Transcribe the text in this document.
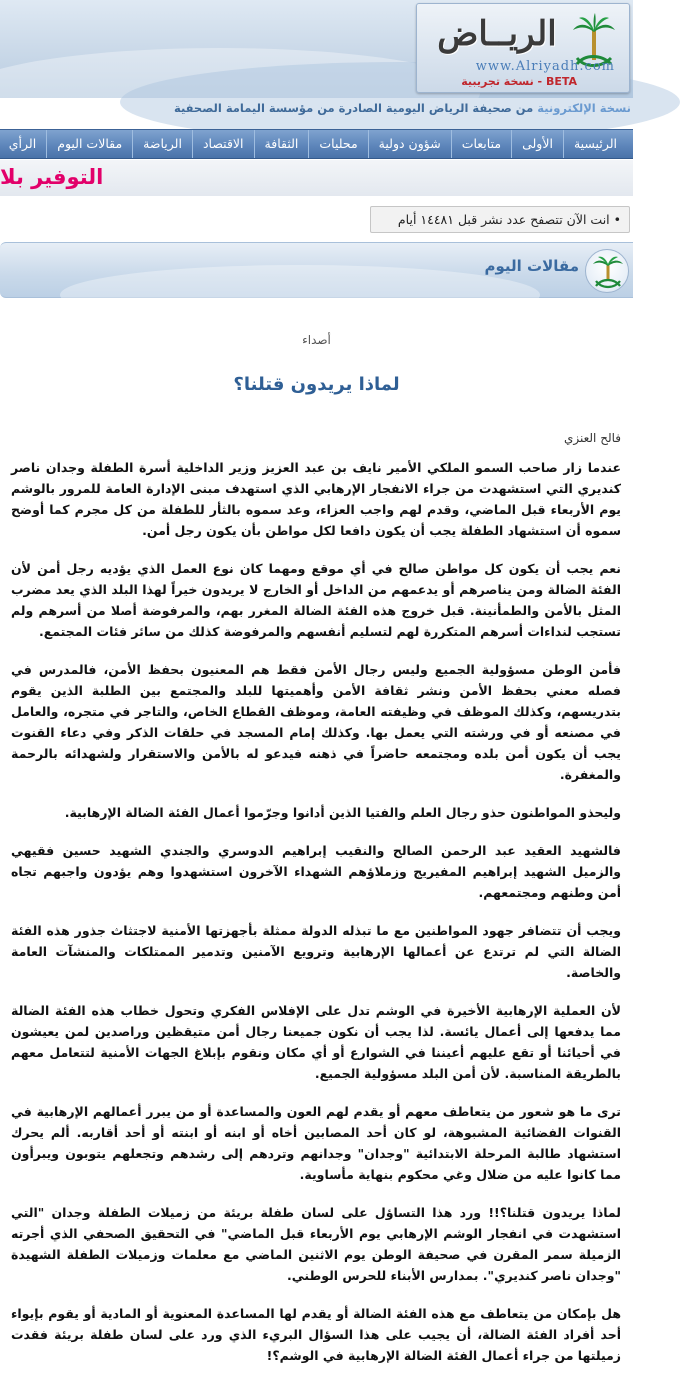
الريــاض
www.Alriyadh.com
BETA - نسخة تجريبية
نسخة الإلكترونية من صحيفة الرياض اليومية الصادرة من مؤسسة اليمامة الصحفية
الرئيسية
الأولى
متابعات
شؤون دولية
محليات
الثقافة
الاقتصاد
الرياضة
مقالات اليوم
الرأي
التوفير بلا
• انت الآن تتصفح عدد نشر قبل ١٤٤٨١ أيام
مقالات اليوم
أصداء
لماذا يريدون قتلنا؟
فالح العنزي

عندما زار صاحب السمو الملكي الأمير نايف بن عبد العزيز وزير الداخلية أسرة الطفلة وجدان ناصر كنديري التي استشهدت من جراء الانفجار الإرهابي الذي استهدف مبنى الإدارة العامة للمرور بالوشم يوم الأربعاء قبل الماضي، وقدم لهم واجب العزاء، وعد سموه بالثأر للطفلة من كل مجرم كما أوضح سموه أن استشهاد الطفلة يجب أن يكون دافعا لكل مواطن بأن يكون رجل أمن.

نعم يجب أن يكون كل مواطن صالح في أي موقع ومهما كان نوع العمل الذي يؤديه رجل أمن لأن الفئة الضالة ومن يناصرهم أو يدعمهم من الداخل أو الخارج لا يريدون خيراً لهذا البلد الذي يعد مضرب المثل بالأمن والطمأنينة. قبل خروج هذه الفئة الضالة المغرر بهم، والمرفوضة أصلا من أسرهم ولم تستجب لنداءات أسرهم المتكررة لهم لتسليم أنفسهم والمرفوضة كذلك من سائر فئات المجتمع.

فأمن الوطن مسؤولية الجميع وليس رجال الأمن فقط هم المعنيون بحفظ الأمن، فالمدرس في فصله معني بحفظ الأمن ونشر ثقافة الأمن وأهميتها للبلد والمجتمع بين الطلبة الذين يقوم بتدريسهم، وكذلك الموظف في وظيفته العامة، وموظف القطاع الخاص، والتاجر في متجره، والعامل في مصنعه أو في ورشته التي يعمل بها. وكذلك إمام المسجد في حلقات الذكر وفي دعاء القنوت يجب أن يكون أمن بلده ومجتمعه حاضراً في ذهنه فيدعو له بالأمن والاستقرار ولشهدائه بالرحمة والمغفرة.

وليحذو المواطنون حذو رجال العلم والفتيا الذين أدانوا وجرّموا أعمال الفئة الضالة الإرهابية.

فالشهيد العقيد عبد الرحمن الصالح والنقيب إبراهيم الدوسري والجندي الشهيد حسين فقيهي والزميل الشهيد إبراهيم المفيريج وزملاؤهم الشهداء الآخرون استشهدوا وهم يؤدون واجبهم تجاه أمن وطنهم ومجتمعهم.

ويجب أن تتضافر جهود المواطنين مع ما تبذله الدولة ممثلة بأجهزتها الأمنية لاجتثاث جذور هذه الفئة الضالة التي لم ترتدع عن أعمالها الإرهابية وترويع الآمنين وتدمير الممتلكات والمنشآت العامة والخاصة.

لأن العملية الإرهابية الأخيرة في الوشم تدل على الإفلاس الفكري وتحول خطاب هذه الفئة الضالة مما يدفعها إلى أعمال يائسة. لذا يجب أن نكون جميعنا رجال أمن متيقظين وراصدين لمن يعيشون في أحيائنا أو تقع عليهم أعيننا في الشوارع أو أي مكان ونقوم بإبلاغ الجهات الأمنية لتتعامل معهم بالطريقة المناسبة. لأن أمن البلد مسؤولية الجميع.

ترى ما هو شعور من يتعاطف معهم أو يقدم لهم العون والمساعدة أو من يبرر أعمالهم الإرهابية في القنوات الفضائية المشبوهة، لو كان أحد المصابين أخاه أو ابنه أو ابنته أو أحد أقاربه. ألم يحرك استشهاد طالبة المرحلة الابتدائية "وجدان" وجدانهم وتردهم إلى رشدهم وتجعلهم يتوبون ويبرأون مما كانوا عليه من ضلال وغي محكوم بنهاية مأساوية.

لماذا يريدون قتلنا؟!! ورد هذا التساؤل على لسان طفلة بريئة من زميلات الطفلة وجدان "التي استشهدت في انفجار الوشم الإرهابي يوم الأربعاء قبل الماضي" في التحقيق الصحفي الذي أجرته الزميلة سمر المقرن في صحيفة الوطن يوم الاثنين الماضي مع معلمات وزميلات الطفلة الشهيدة "وجدان ناصر كنديري". بمدارس الأبناء للحرس الوطني.

هل بإمكان من يتعاطف مع هذه الفئة الضالة أو يقدم لها المساعدة المعنوية أو المادية أو يقوم بإيواء أحد أفراد الفئة الضالة، أن يجيب على هذا السؤال البريء الذي ورد على لسان طفلة بريئة فقدت زميلتها من جراء أعمال الفئة الضالة الإرهابية في الوشم؟!
